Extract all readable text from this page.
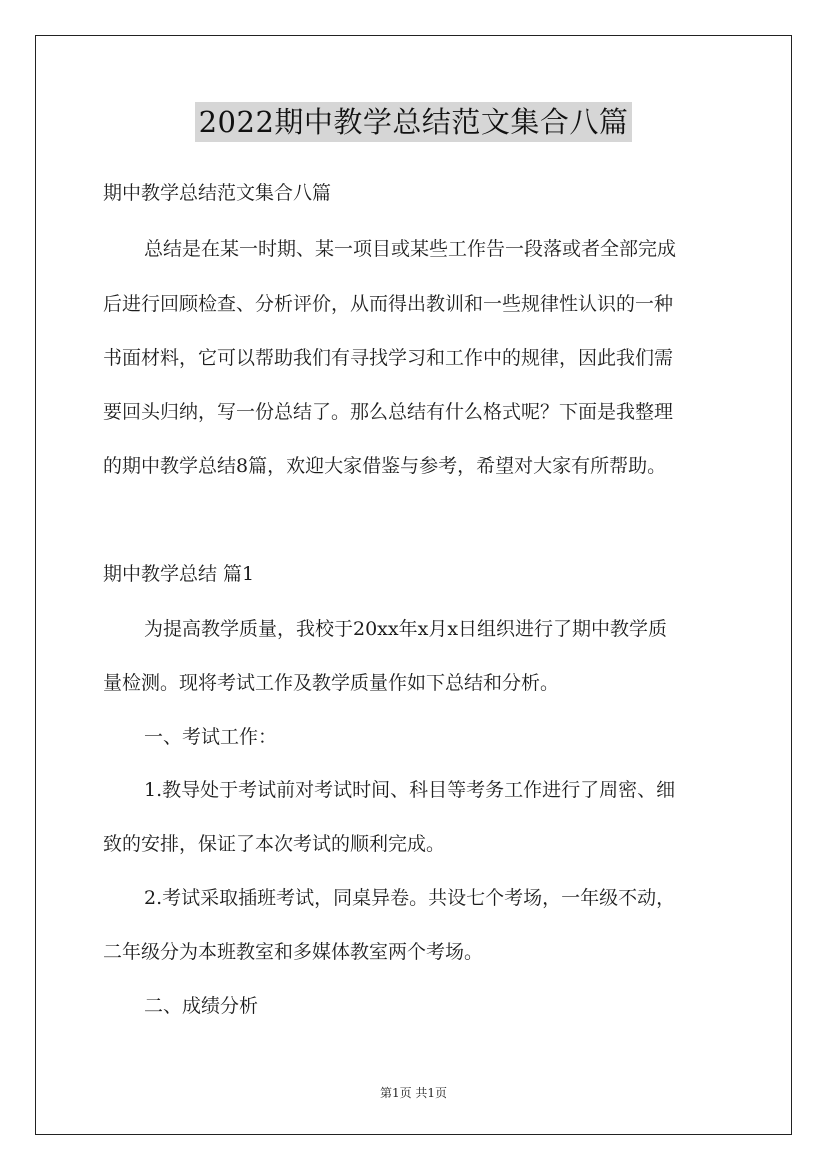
2022期中教学总结范文集合八篇
期中教学总结范文集合八篇
总结是在某一时期、某一项目或某些工作告一段落或者全部完成
后进行回顾检查、分析评价，从而得出教训和一些规律性认识的一种
书面材料，它可以帮助我们有寻找学习和工作中的规律，因此我们需
要回头归纳，写一份总结了。那么总结有什么格式呢？下面是我整理
的期中教学总结8篇，欢迎大家借鉴与参考，希望对大家有所帮助。
期中教学总结 篇1
为提高教学质量，我校于20xx年x月x日组织进行了期中教学质
量检测。现将考试工作及教学质量作如下总结和分析。
一、考试工作：
1.教导处于考试前对考试时间、科目等考务工作进行了周密、细
致的安排，保证了本次考试的顺利完成。
2.考试采取插班考试，同桌异卷。共设七个考场，一年级不动，
二年级分为本班教室和多媒体教室两个考场。
二、成绩分析
第1页 共1页
